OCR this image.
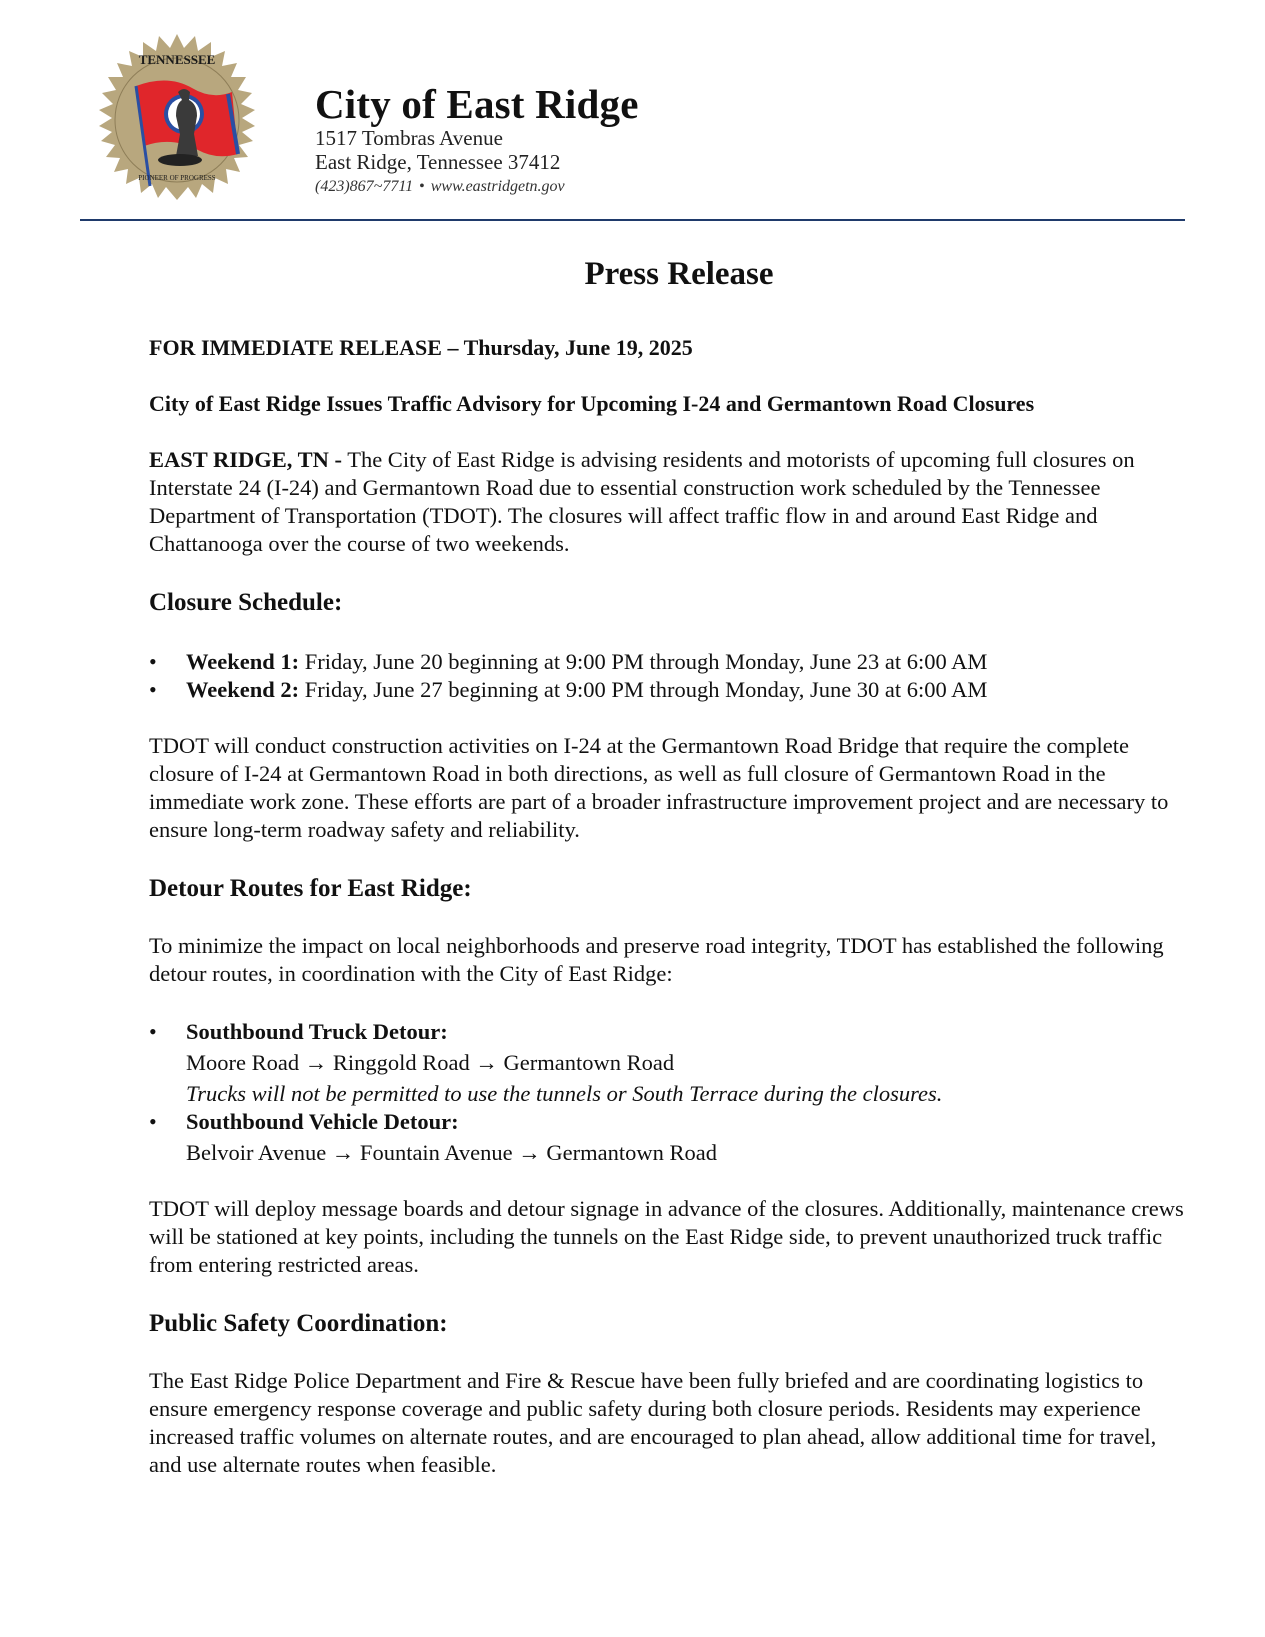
TENNESSEE
PIONEER OF PROGRESS
City of East Ridge
1517 Tombras Avenue
East Ridge, Tennessee 37412
(423)867~7711 • www.eastridgetn.gov
Press Release

FOR IMMEDIATE RELEASE – Thursday, June 19, 2025

City of East Ridge Issues Traffic Advisory for Upcoming I-24 and Germantown Road Closures

EAST RIDGE, TN - The City of East Ridge is advising residents and motorists of upcoming full closures on Interstate 24 (I-24) and Germantown Road due to essential construction work scheduled by the Tennessee Department of Transportation (TDOT). The closures will affect traffic flow in and around East Ridge and Chattanooga over the course of two weekends.

Closure Schedule:
• Weekend 1: Friday, June 20 beginning at 9:00 PM through Monday, June 23 at 6:00 AM
• Weekend 2: Friday, June 27 beginning at 9:00 PM through Monday, June 30 at 6:00 AM

TDOT will conduct construction activities on I-24 at the Germantown Road Bridge that require the complete closure of I-24 at Germantown Road in both directions, as well as full closure of Germantown Road in the immediate work zone. These efforts are part of a broader infrastructure improvement project and are necessary to ensure long-term roadway safety and reliability.

Detour Routes for East Ridge:

To minimize the impact on local neighborhoods and preserve road integrity, TDOT has established the following detour routes, in coordination with the City of East Ridge:

• Southbound Truck Detour:
Moore Road → Ringgold Road → Germantown Road
Trucks will not be permitted to use the tunnels or South Terrace during the closures.
• Southbound Vehicle Detour:
Belvoir Avenue → Fountain Avenue → Germantown Road

TDOT will deploy message boards and detour signage in advance of the closures. Additionally, maintenance crews will be stationed at key points, including the tunnels on the East Ridge side, to prevent unauthorized truck traffic from entering restricted areas.

Public Safety Coordination:

The East Ridge Police Department and Fire & Rescue have been fully briefed and are coordinating logistics to ensure emergency response coverage and public safety during both closure periods. Residents may experience increased traffic volumes on alternate routes, and are encouraged to plan ahead, allow additional time for travel, and use alternate routes when feasible.
